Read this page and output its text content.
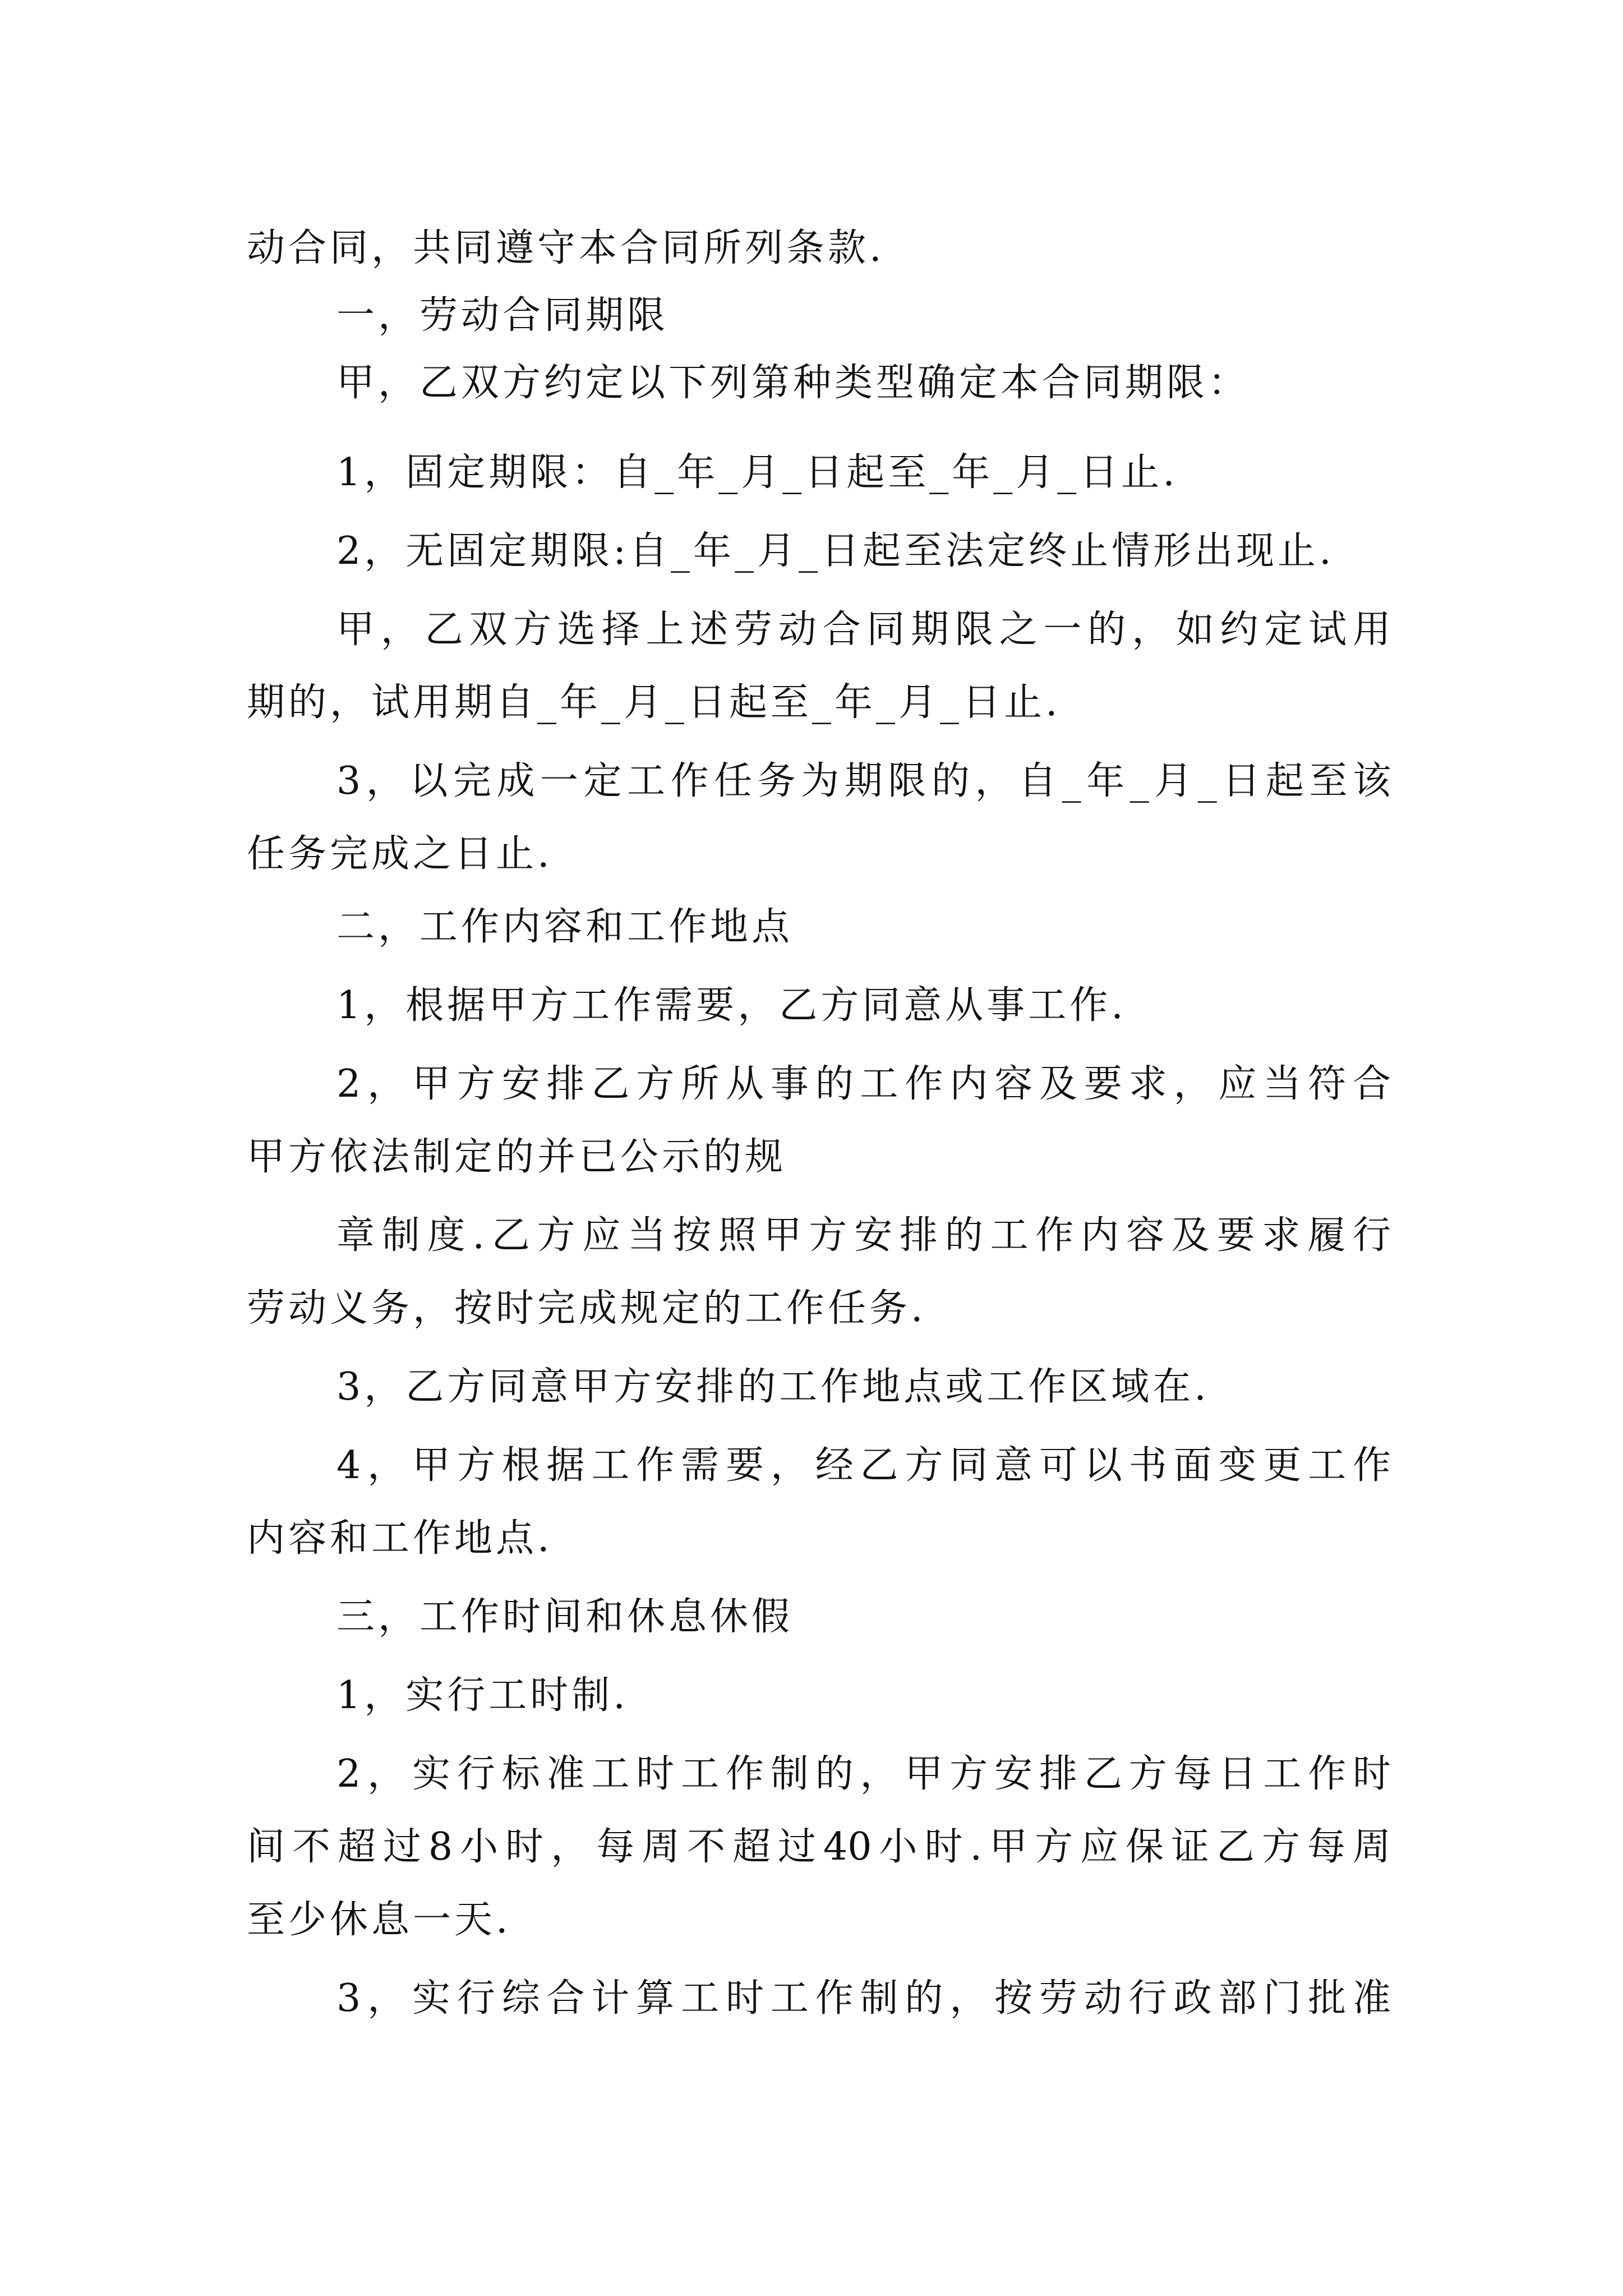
动合同，共同遵守本合同所列条款.
一，劳动合同期限
甲，乙双方约定以下列第种类型确定本合同期限：
1，固定期限：自_年_月_日起至_年_月_日止.
2，无固定期限:自_年_月_日起至法定终止情形出现止.
甲，乙双方选择上述劳动合同期限之一的，如约定试用
期的，试用期自_年_月_日起至_年_月_日止.
3，以完成一定工作任务为期限的，自_年_月_日起至该
任务完成之日止.
二，工作内容和工作地点
1，根据甲方工作需要，乙方同意从事工作.
2，甲方安排乙方所从事的工作内容及要求，应当符合
甲方依法制定的并已公示的规
章制度.乙方应当按照甲方安排的工作内容及要求履行
劳动义务，按时完成规定的工作任务.
3，乙方同意甲方安排的工作地点或工作区域在.
4，甲方根据工作需要，经乙方同意可以书面变更工作
内容和工作地点.
三，工作时间和休息休假
1，实行工时制.
2，实行标准工时工作制的，甲方安排乙方每日工作时
间不超过8小时，每周不超过40小时.甲方应保证乙方每周
至少休息一天.
3，实行综合计算工时工作制的，按劳动行政部门批准
